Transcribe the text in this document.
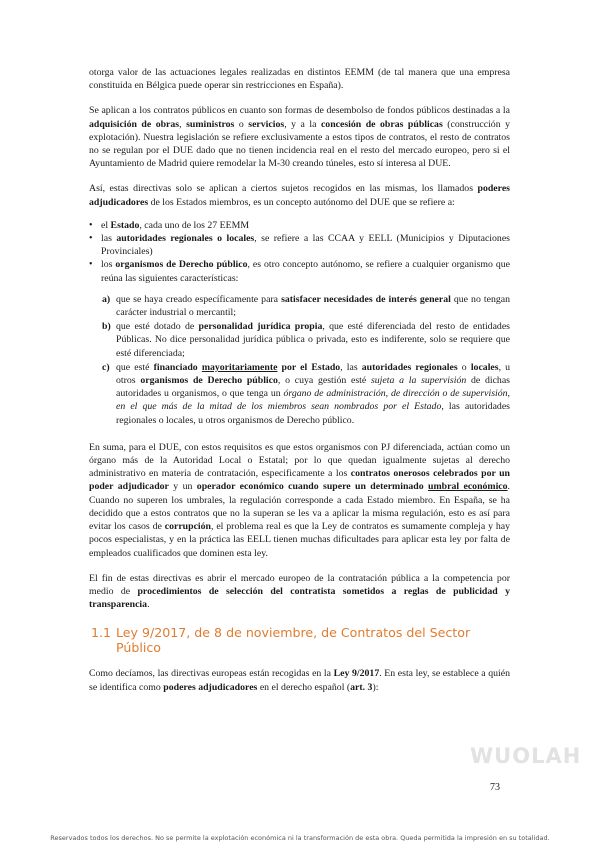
otorga valor de las actuaciones legales realizadas en distintos EEMM (de tal manera que una empresa constituida en Bélgica puede operar sin restricciones en España).

Se aplican a los contratos públicos en cuanto son formas de desembolso de fondos públicos destinadas a la adquisición de obras, suministros o servicios, y a la concesión de obras públicas (construcción y explotación). Nuestra legislación se refiere exclusivamente a estos tipos de contratos, el resto de contratos no se regulan por el DUE dado que no tienen incidencia real en el resto del mercado europeo, pero si el Ayuntamiento de Madrid quiere remodelar la M-30 creando túneles, esto sí interesa al DUE.

Así, estas directivas solo se aplican a ciertos sujetos recogidos en las mismas, los llamados poderes adjudicadores de los Estados miembros, es un concepto autónomo del DUE que se refiere a:

• el Estado, cada uno de los 27 EEMM
• las autoridades regionales o locales, se refiere a las CCAA y EELL (Municipios y Diputaciones Provinciales)
• los organismos de Derecho público, es otro concepto autónomo, se refiere a cualquier organismo que reúna las siguientes características:
a) que se haya creado específicamente para satisfacer necesidades de interés general que no tengan carácter industrial o mercantil;
b) que esté dotado de personalidad jurídica propia, que esté diferenciada del resto de entidades Públicas. No dice personalidad jurídica pública o privada, esto es indiferente, solo se requiere que esté diferenciada;
c) que esté financiado mayoritariamente por el Estado, las autoridades regionales o locales, u otros organismos de Derecho público, o cuya gestión esté sujeta a la supervisión de dichas autoridades u organismos, o que tenga un órgano de administración, de dirección o de supervisión, en el que más de la mitad de los miembros sean nombrados por el Estado, las autoridades regionales o locales, u otros organismos de Derecho público.

En suma, para el DUE, con estos requisitos es que estos organismos con PJ diferenciada, actúan como un órgano más de la Autoridad Local o Estatal; por lo que quedan igualmente sujetas al derecho administrativo en materia de contratación, especificamente a los contratos onerosos celebrados por un poder adjudicador y un operador económico cuando supere un determinado umbral económico. Cuando no superen los umbrales, la regulación corresponde a cada Estado miembro. En España, se ha decidido que a estos contratos que no la superan se les va a aplicar la misma regulación, esto es así para evitar los casos de corrupción, el problema real es que la Ley de contratos es sumamente compleja y hay pocos especialistas, y en la práctica las EELL tienen muchas dificultades para aplicar esta ley por falta de empleados cualificados que dominen esta ley.

El fin de estas directivas es abrir el mercado europeo de la contratación pública a la competencia por medio de procedimientos de selección del contratista sometidos a reglas de publicidad y transparencia.

1.1 Ley 9/2017, de 8 de noviembre, de Contratos del Sector Público

Como decíamos, las directivas europeas están recogidas en la Ley 9/2017. En esta ley, se establece a quién se identifica como poderes adjudicadores en el derecho español (art. 3):

WUOLAH
73
Reservados todos los derechos. No se permite la explotación económica ni la transformación de esta obra. Queda permitida la impresión en su totalidad.
